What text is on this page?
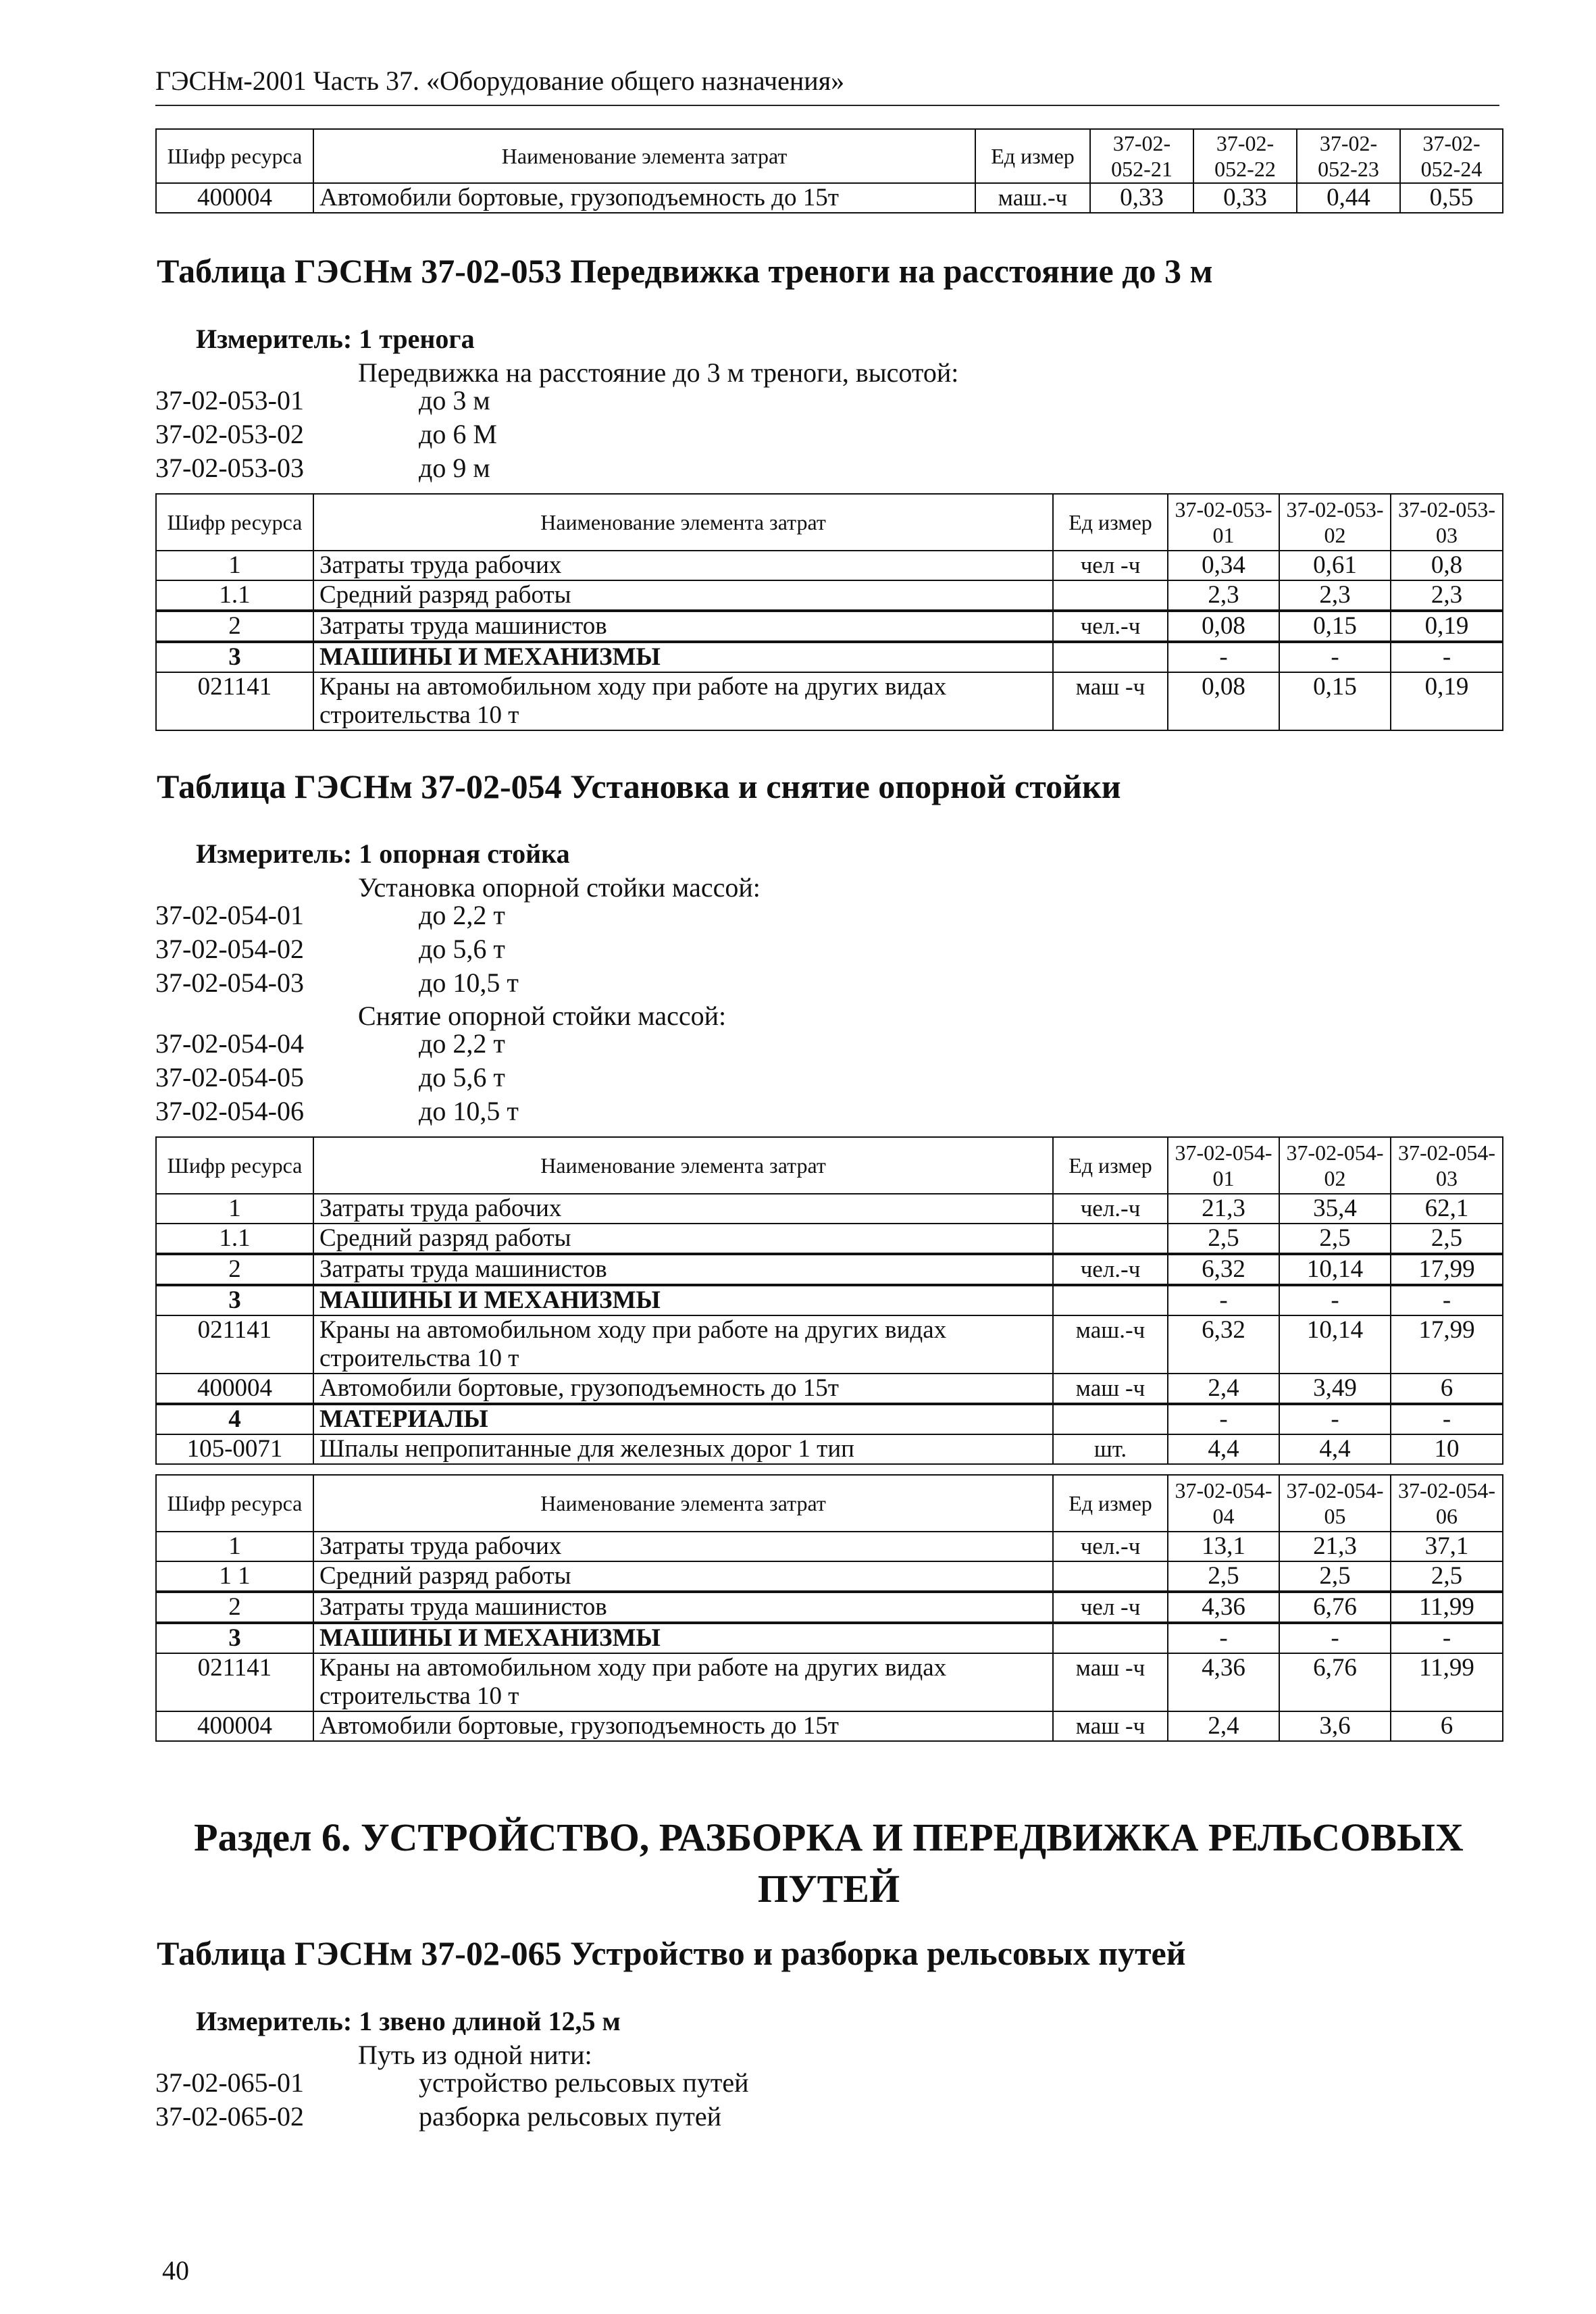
ГЭСНм-2001 Часть 37. «Оборудование общего назначения»
Шифр ресурса	Наименование элемента затрат	Ед измер	37-02-052-21	37-02-052-22	37-02-052-23	37-02-052-24
400004	Автомобили бортовые, грузоподъемность до 15т	маш.-ч	0,33	0,33	0,44	0,55
Таблица ГЭСНм 37-02-053 Передвижка треноги на расстояние до 3 м
Измеритель: 1 тренога
Передвижка на расстояние до 3 м треноги, высотой:
37-02-053-01	до 3 м
37-02-053-02	до 6 М
37-02-053-03	до 9 м
Шифр ресурса	Наименование элемента затрат	Ед измер	37-02-053-01	37-02-053-02	37-02-053-03
1	Затраты труда рабочих	чел -ч	0,34	0,61	0,8
1.1	Средний разряд работы		2,3	2,3	2,3
2	Затраты труда машинистов	чел.-ч	0,08	0,15	0,19
3	МАШИНЫ И МЕХАНИЗМЫ		-	-	-
021141	Краны на автомобильном ходу при работе на других видах строительства 10 т	маш -ч	0,08	0,15	0,19
Таблица ГЭСНм 37-02-054 Установка и снятие опорной стойки
Измеритель: 1 опорная стойка
Установка опорной стойки массой:
37-02-054-01	до 2,2 т
37-02-054-02	до 5,6 т
37-02-054-03	до 10,5 т
Снятие опорной стойки массой:
37-02-054-04	до 2,2 т
37-02-054-05	до 5,6 т
37-02-054-06	до 10,5 т
Шифр ресурса	Наименование элемента затрат	Ед измер	37-02-054-01	37-02-054-02	37-02-054-03
1	Затраты труда рабочих	чел.-ч	21,3	35,4	62,1
1.1	Средний разряд работы		2,5	2,5	2,5
2	Затраты труда машинистов	чел.-ч	6,32	10,14	17,99
3	МАШИНЫ И МЕХАНИЗМЫ		-	-	-
021141	Краны на автомобильном ходу при работе на других видах строительства 10 т	маш.-ч	6,32	10,14	17,99
400004	Автомобили бортовые, грузоподъемность до 15т	маш -ч	2,4	3,49	6
4	МАТЕРИАЛЫ		-	-	-
105-0071	Шпалы непропитанные для железных дорог 1 тип	шт.	4,4	4,4	10
Шифр ресурса	Наименование элемента затрат	Ед измер	37-02-054-04	37-02-054-05	37-02-054-06
1	Затраты труда рабочих	чел.-ч	13,1	21,3	37,1
1 1	Средний разряд работы		2,5	2,5	2,5
2	Затраты труда машинистов	чел -ч	4,36	6,76	11,99
3	МАШИНЫ И МЕХАНИЗМЫ		-	-	-
021141	Краны на автомобильном ходу при работе на других видах строительства 10 т	маш -ч	4,36	6,76	11,99
400004	Автомобили бортовые, грузоподъемность до 15т	маш -ч	2,4	3,6	6
Раздел 6. УСТРОЙСТВО, РАЗБОРКА И ПЕРЕДВИЖКА РЕЛЬСОВЫХ ПУТЕЙ
Таблица ГЭСНм 37-02-065 Устройство и разборка рельсовых путей
Измеритель: 1 звено длиной 12,5 м
Путь из одной нити:
37-02-065-01	устройство рельсовых путей
37-02-065-02	разборка рельсовых путей
40
